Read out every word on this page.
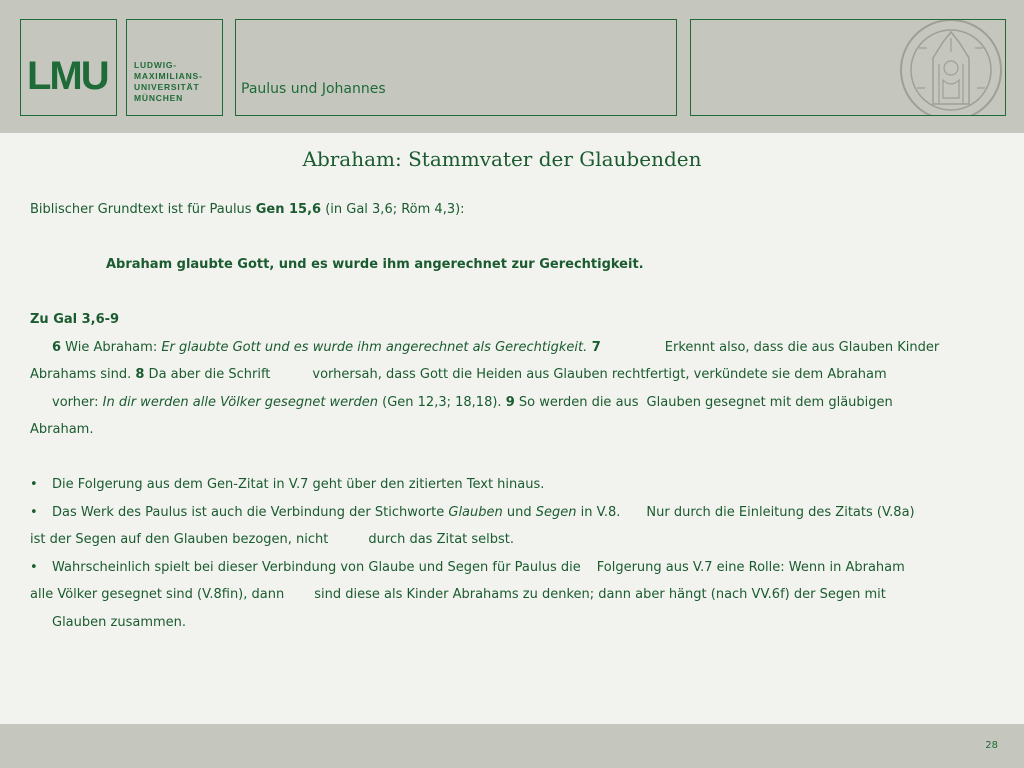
LMU	LUDWIG-
MAXIMILIANS-
UNIVERSITÄT
MÜNCHEN
Paulus und Johannes
Abraham: Stammvater der Glaubenden

Biblischer Grundtext ist für Paulus Gen 15,6 (in Gal 3,6; Röm 4,3):

Abraham glaubte Gott, und es wurde ihm angerechnet zur Gerechtigkeit.

Zu Gal 3,6-9

6 Wie Abraham: Er glaubte Gott und es wurde ihm angerechnet als Gerechtigkeit. 7	Erkennt also, dass die aus Glauben Kinder

Abrahams sind. 8 Da aber die Schrift	vorhersah, dass Gott die Heiden aus Glauben rechtfertigt, verkündete sie dem Abraham

vorher: In dir werden alle Völker gesegnet werden (Gen 12,3; 18,18). 9 So werden die aus Glauben gesegnet mit dem gläubigen

Abraham.

• Die Folgerung aus dem Gen-Zitat in V.7 geht über den zitierten Text hinaus.

• Das Werk des Paulus ist auch die Verbindung der Stichworte Glauben und Segen in V.8. Nur durch die Einleitung des Zitats (V.8a)

ist der Segen auf den Glauben bezogen, nicht	durch das Zitat selbst.

• Wahrscheinlich spielt bei dieser Verbindung von Glaube und Segen für Paulus die Folgerung aus V.7 eine Rolle: Wenn in Abraham

alle Völker gesegnet sind (V.8fin), dann sind diese als Kinder Abrahams zu denken; dann aber hängt (nach VV.6f) der Segen mit

Glauben zusammen.

28
